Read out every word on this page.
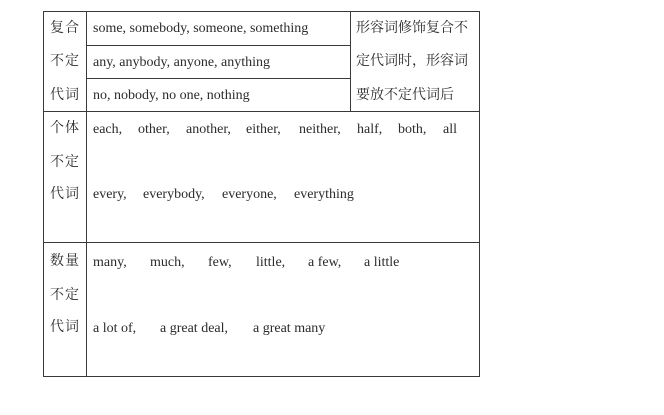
复合
不定
代词
some, somebody, someone, something
any, anybody, anyone, anything
no, nobody, no one, nothing
形容词修饰复合不
定代词时，形容词
要放不定代词后
个体
不定
代词
each, other, another, either, neither, half, both, all
every, everybody, everyone, everything
数量
不定
代词
many, much, few, little, a few, a little
a lot of, a great deal, a great many
